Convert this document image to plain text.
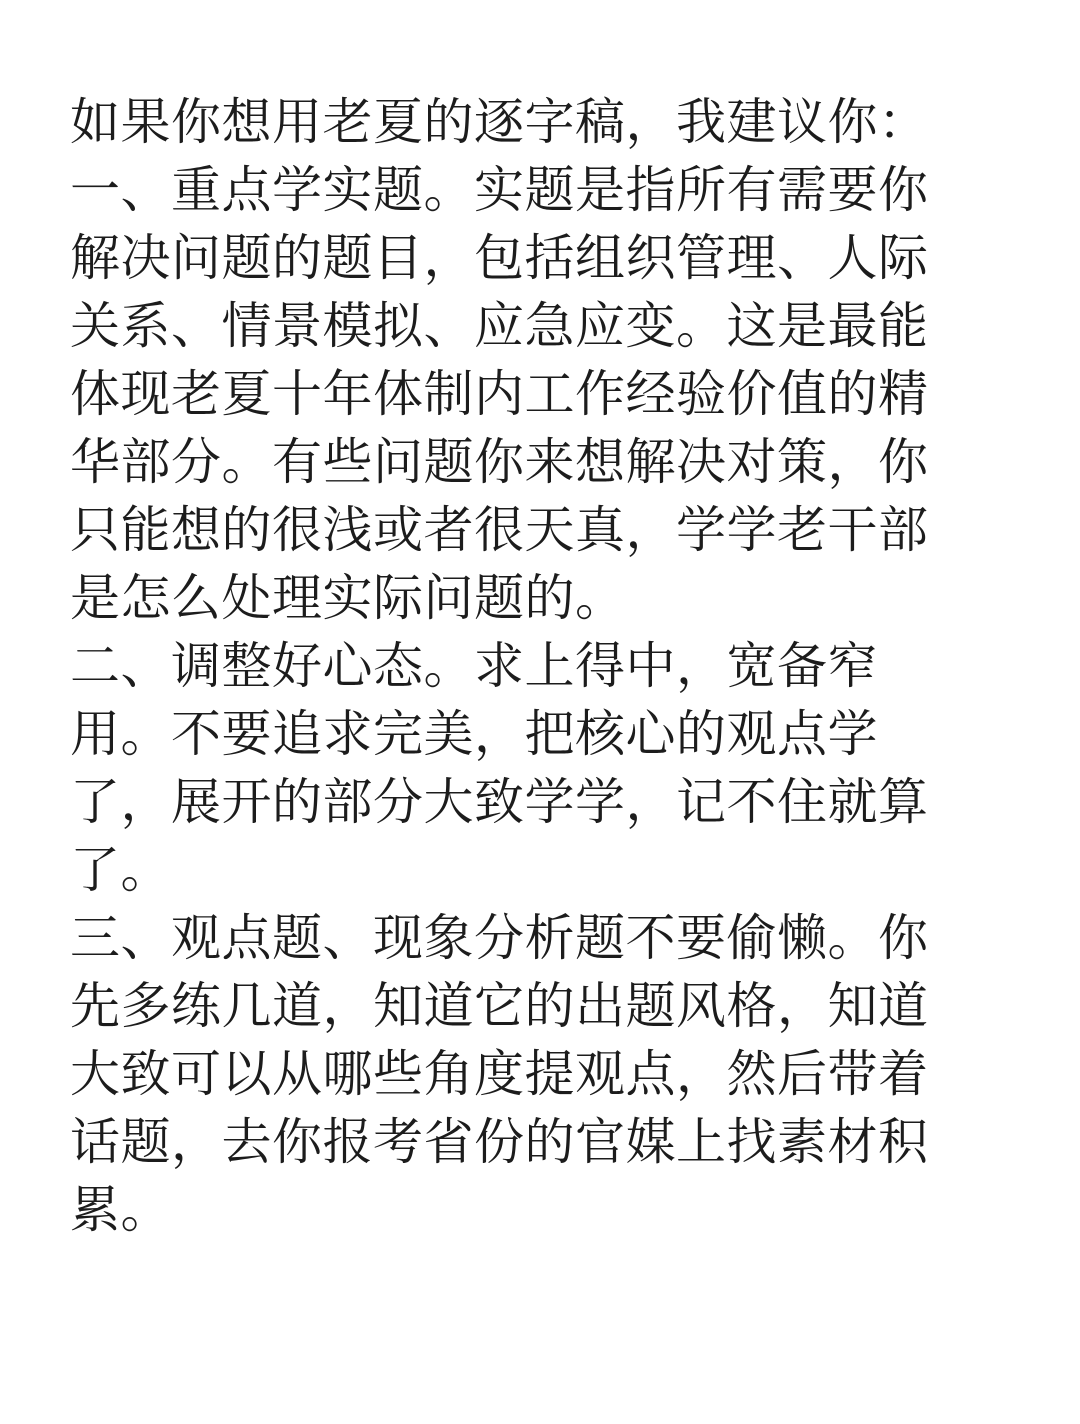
如果你想用老夏的逐字稿，我建议你：
一、重点学实题。实题是指所有需要你
解决问题的题目，包括组织管理、人际
关系、情景模拟、应急应变。这是最能
体现老夏十年体制内工作经验价值的精
华部分。有些问题你来想解决对策，你
只能想的很浅或者很天真，学学老干部
是怎么处理实际问题的。
二、调整好心态。求上得中，宽备窄
用。不要追求完美，把核心的观点学
了，展开的部分大致学学，记不住就算
了。
三、观点题、现象分析题不要偷懒。你
先多练几道，知道它的出题风格，知道
大致可以从哪些角度提观点，然后带着
话题，去你报考省份的官媒上找素材积
累。
